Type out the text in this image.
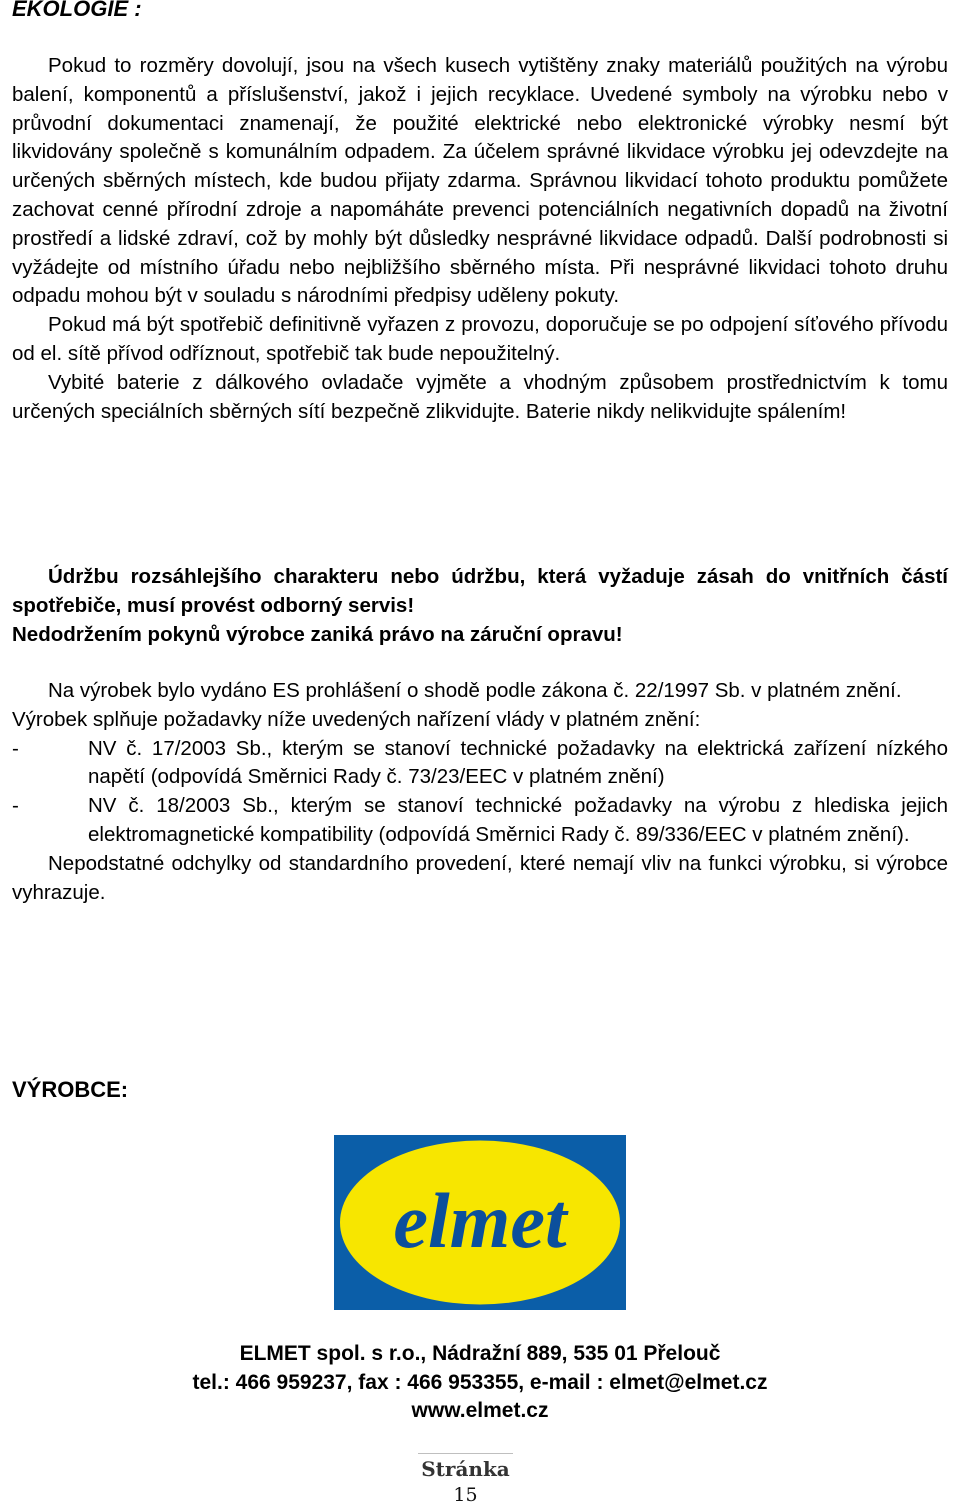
EKOLOGIE :

Pokud to rozměry dovolují, jsou na všech kusech vytištěny znaky materiálů použitých na výrobu balení, komponentů a příslušenství, jakož i jejich recyklace. Uvedené symboly na výrobku nebo v průvodní dokumentaci znamenají, že použité elektrické nebo elektronické výrobky nesmí být likvidovány společně s komunálním odpadem. Za účelem správné likvidace výrobku jej odevzdejte na určených sběrných místech, kde budou přijaty zdarma. Správnou likvidací tohoto produktu pomůžete zachovat cenné přírodní zdroje a napomáháte prevenci potenciálních negativních dopadů na životní prostředí a lidské zdraví, což by mohly být důsledky nesprávné likvidace odpadů. Další podrobnosti si vyžádejte od místního úřadu nebo nejbližšího sběrného místa. Při nesprávné likvidaci tohoto druhu odpadu mohou být v souladu s národními předpisy uděleny pokuty.

Pokud má být spotřebič definitivně vyřazen z provozu, doporučuje se po odpojení síťového přívodu od el. sítě přívod odříznout, spotřebič tak bude nepoužitelný.

Vybité baterie z dálkového ovladače vyjměte a vhodným způsobem prostřednictvím k tomu určených speciálních sběrných sítí bezpečně zlikvidujte. Baterie nikdy nelikvidujte spálením!

Údržbu rozsáhlejšího charakteru nebo údržbu, která vyžaduje zásah do vnitřních částí spotřebiče, musí provést odborný servis!

Nedodržením pokynů výrobce zaniká právo na záruční opravu!

Na výrobek bylo vydáno ES prohlášení o shodě podle zákona č. 22/1997 Sb. v platném znění.

Výrobek splňuje požadavky níže uvedených nařízení vlády v platném znění:

-	NV č. 17/2003 Sb., kterým se stanoví technické požadavky na elektrická zařízení nízkého napětí (odpovídá Směrnici Rady č. 73/23/EEC v platném znění)
-	NV č. 18/2003 Sb., kterým se stanoví technické požadavky na výrobu z hlediska jejich elektromagnetické kompatibility (odpovídá Směrnici Rady č. 89/336/EEC v platném znění).

Nepodstatné odchylky od standardního provedení, které nemají vliv na funkci výrobku, si výrobce vyhrazuje.

VÝROBCE:
ELMET spol. s r.o., Nádražní 889, 535 01 Přelouč
tel.: 466 959237, fax : 466 953355, e-mail : elmet@elmet.cz
www.elmet.cz
elmet
Stránka
15
